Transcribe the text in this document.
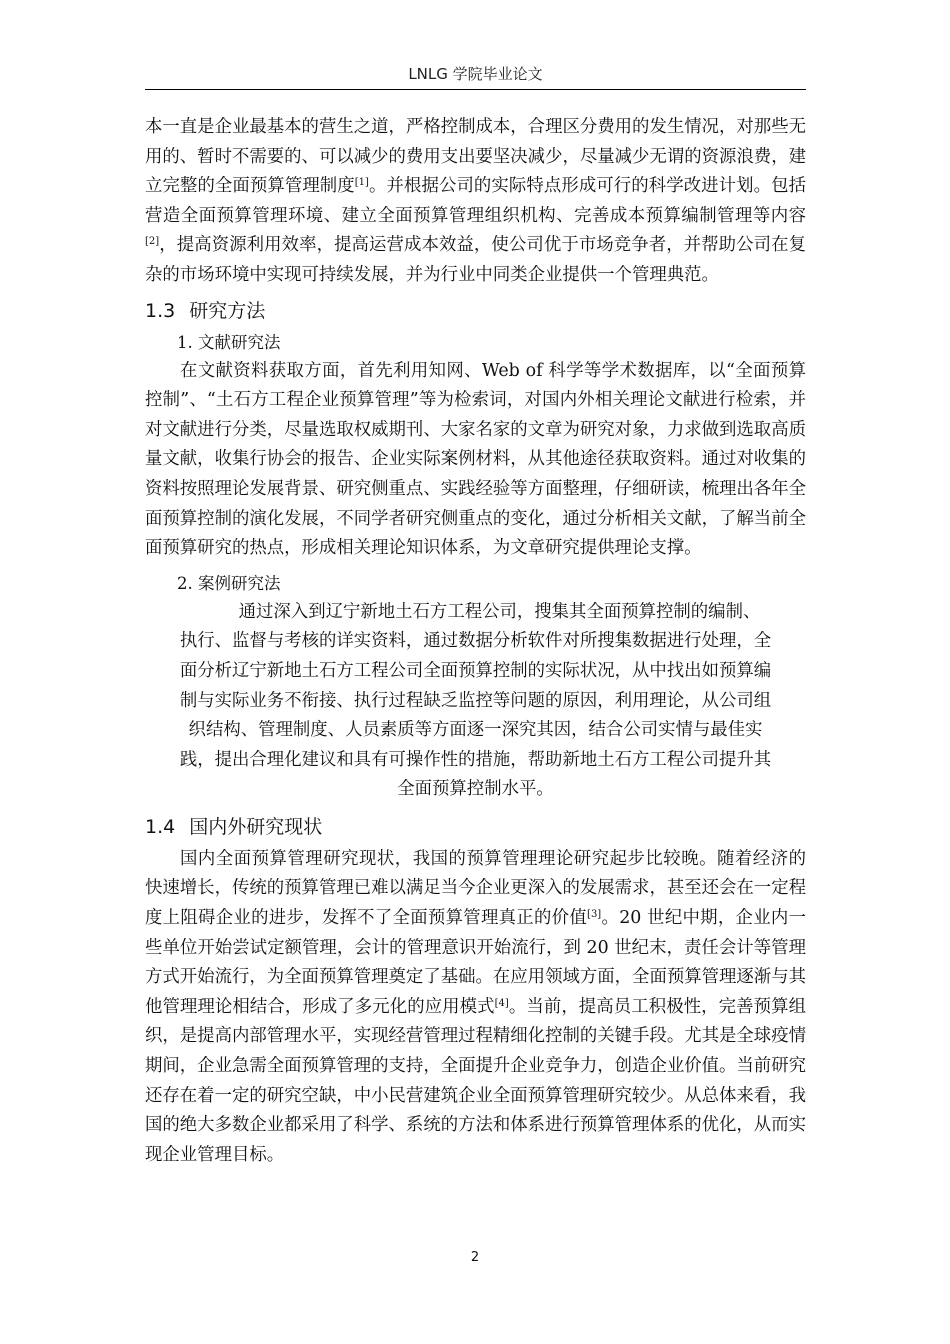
LNLG 学院毕业论文

本一直是企业最基本的营生之道，严格控制成本，合理区分费用的发生情况，对那些无用的、暂时不需要的、可以减少的费用支出要坚决减少，尽量减少无谓的资源浪费，建立完整的全面预算管理制度[1]。并根据公司的实际特点形成可行的科学改进计划。包括营造全面预算管理环境、建立全面预算管理组织机构、完善成本预算编制管理等内容[2]，提高资源利用效率，提高运营成本效益，使公司优于市场竞争者，并帮助公司在复杂的市场环境中实现可持续发展，并为行业中同类企业提供一个管理典范。

1.3 研究方法

1. 文献研究法

在文献资料获取方面，首先利用知网、Web of 科学等学术数据库，以“全面预算控制”、“土石方工程企业预算管理”等为检索词，对国内外相关理论文献进行检索，并对文献进行分类，尽量选取权威期刊、大家名家的文章为研究对象，力求做到选取高质量文献，收集行协会的报告、企业实际案例材料，从其他途径获取资料。通过对收集的资料按照理论发展背景、研究侧重点、实践经验等方面整理，仔细研读，梳理出各年全面预算控制的演化发展，不同学者研究侧重点的变化，通过分析相关文献，了解当前全面预算研究的热点，形成相关理论知识体系，为文章研究提供理论支撑。

2. 案例研究法

通过深入到辽宁新地土石方工程公司，搜集其全面预算控制的编制、
执行、监督与考核的详实资料，通过数据分析软件对所搜集数据进行处理，全
面分析辽宁新地土石方工程公司全面预算控制的实际状况，从中找出如预算编
制与实际业务不衔接、执行过程缺乏监控等问题的原因，利用理论，从公司组
织结构、管理制度、人员素质等方面逐一深究其因，结合公司实情与最佳实
践，提出合理化建议和具有可操作性的措施，帮助新地土石方工程公司提升其
全面预算控制水平。

1.4 国内外研究现状

国内全面预算管理研究现状，我国的预算管理理论研究起步比较晚。随着经济的快速增长，传统的预算管理已难以满足当今企业更深入的发展需求，甚至还会在一定程度上阻碍企业的进步，发挥不了全面预算管理真正的价值[3]。20 世纪中期，企业内一些单位开始尝试定额管理，会计的管理意识开始流行，到 20 世纪末，责任会计等管理方式开始流行，为全面预算管理奠定了基础。在应用领域方面，全面预算管理逐渐与其他管理理论相结合，形成了多元化的应用模式[4]。当前，提高员工积极性，完善预算组织，是提高内部管理水平，实现经营管理过程精细化控制的关键手段。尤其是全球疫情期间，企业急需全面预算管理的支持，全面提升企业竞争力，创造企业价值。当前研究还存在着一定的研究空缺，中小民营建筑企业全面预算管理研究较少。从总体来看，我国的绝大多数企业都采用了科学、系统的方法和体系进行预算管理体系的优化，从而实现企业管理目标。

2
